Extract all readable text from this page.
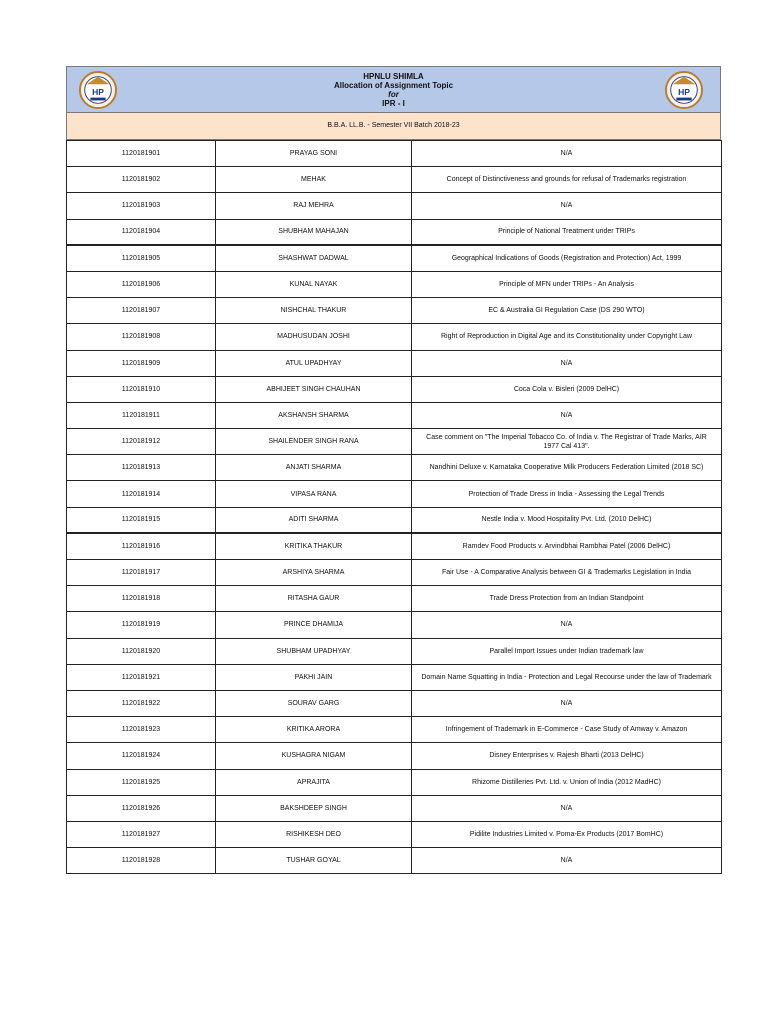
HP
HPNLU SHIMLA
Allocation of Assignment Topic
for
IPR - I
HP
B.B.A. LL.B. - Semester VII Batch 2018-23
1120181901	PRAYAG SONI	N/A
1120181902	MEHAK	Concept of Distinctiveness and grounds for refusal of Trademarks registration
1120181903	RAJ MEHRA	N/A
1120181904	SHUBHAM MAHAJAN	Principle of National Treatment under TRIPs
1120181905	SHASHWAT DADWAL	Geographical Indications of Goods (Registration and Protection) Act, 1999
1120181906	KUNAL NAYAK	Principle of MFN under TRIPs - An Analysis
1120181907	NISHCHAL THAKUR	EC & Australia GI Regulation Case (DS 290 WTO)
1120181908	MADHUSUDAN JOSHI	Right of Reproduction in Digital Age and its Constitutionality under Copyright Law
1120181909	ATUL UPADHYAY	N/A
1120181910	ABHIJEET SINGH CHAUHAN	Coca Cola v. Bisleri (2009 DelHC)
1120181911	AKSHANSH SHARMA	N/A
1120181912	SHAILENDER SINGH RANA	Case comment on "The Imperial Tobacco Co. of India v. The Registrar of Trade Marks, AIR 1977 Cal 413".
1120181913	ANJATI SHARMA	Nandhini Deluxe v. Karnataka Cooperative Milk Producers Federation Limited (2018 SC)
1120181914	VIPASA RANA	Protection of Trade Dress in India - Assessing the Legal Trends
1120181915	ADITI SHARMA	Nestle India v. Mood Hospitality Pvt. Ltd. (2010 DelHC)
1120181916	KRITIKA THAKUR	Ramdev Food Products v. Arvindbhai Rambhai Patel (2006 DelHC)
1120181917	ARSHIYA SHARMA	Fair Use - A Comparative Analysis between GI & Trademarks Legislation in India
1120181918	RITASHA GAUR	Trade Dress Protection from an Indian Standpoint
1120181919	PRINCE DHAMIJA	N/A
1120181920	SHUBHAM UPADHYAY	Parallel Import Issues under Indian trademark law
1120181921	PAKHI JAIN	Domain Name Squatting in India - Protection and Legal Recourse under the law of Trademark
1120181922	SOURAV GARG	N/A
1120181923	KRITIKA ARORA	Infringement of Trademark in E-Commerce - Case Study of Amway v. Amazon
1120181924	KUSHAGRA NIGAM	Disney Enterprises v. Rajesh Bharti (2013 DelHC)
1120181925	APRAJITA	Rhizome Distilleries Pvt. Ltd. v. Union of India (2012 MadHC)
1120181926	BAKSHDEEP SINGH	N/A
1120181927	RISHIKESH DEO	Pidilite Industries Limited v. Poma-Ex Products (2017 BomHC)
1120181928	TUSHAR GOYAL	N/A
